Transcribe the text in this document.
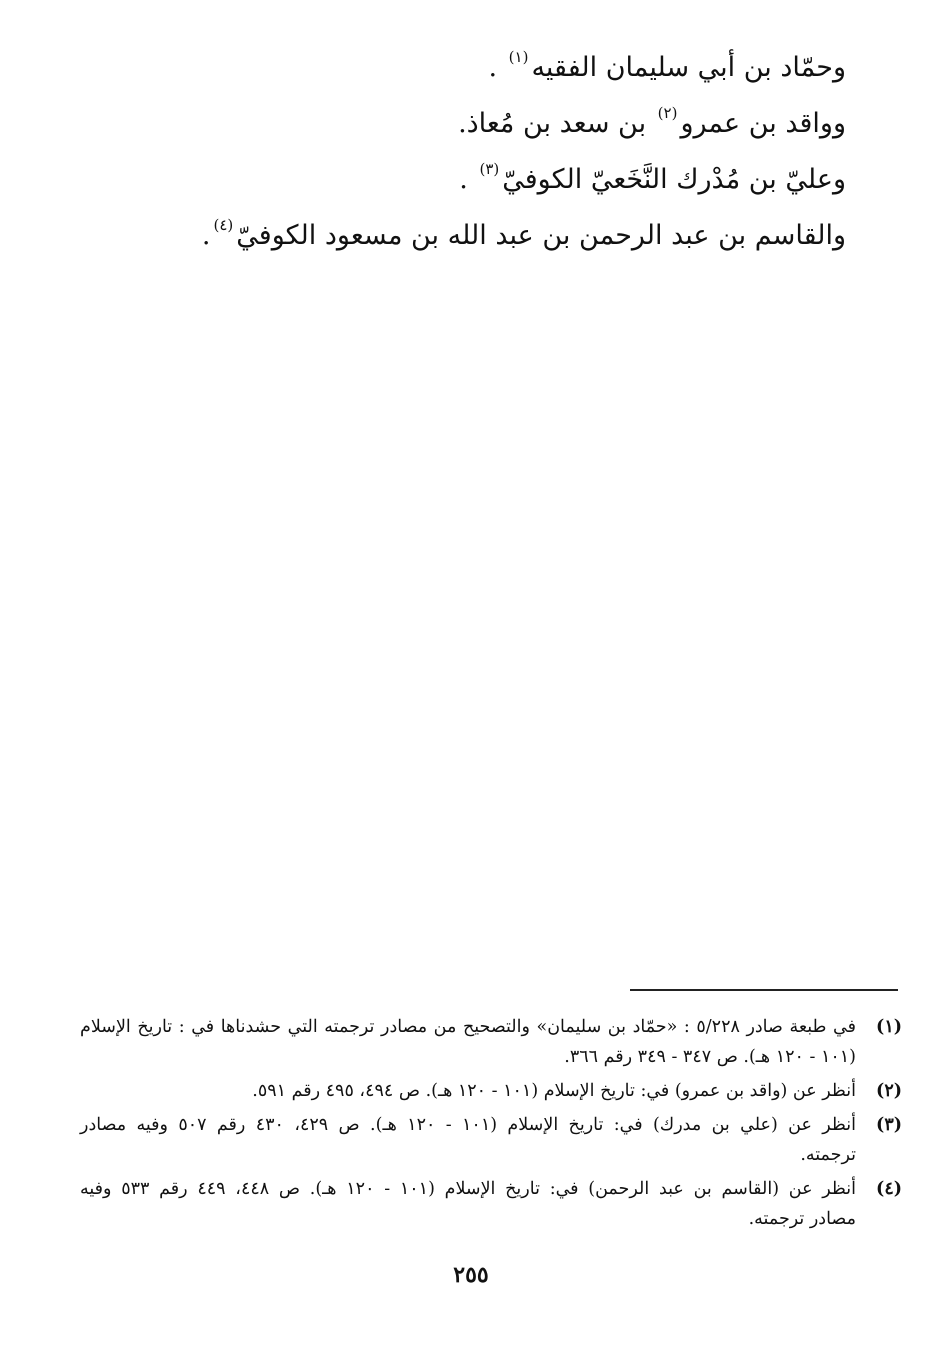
وحمّاد بن أبي سليمان الفقيه$^{(١)}$ .
وواقد بن عمرو$^{(٢)}$ بن سعد بن مُعاذ.
وعليّ بن مُدْرك النَّخَعيّ الكوفيّ$^{(٣)}$ .
والقاسم بن عبد الرحمن بن عبد الله بن مسعود الكوفيّ$^{(٤)}$.
(١)
في طبعة صادر ٥/٢٢٨ : «حمّاد بن سليمان» والتصحيح من مصادر ترجمته التي حشدناها في : تاريخ الإسلام
(١٠١ - ١٢٠ هـ). ص ٣٤٧ - ٣٤٩ رقم ٣٦٦.
(٢)
أنظر عن (واقد بن عمرو) في: تاريخ الإسلام (١٠١ - ١٢٠ هـ). ص ٤٩٤، ٤٩٥ رقم ٥٩١.
(٣)
أنظر عن (علي بن مدرك) في: تاريخ الإسلام (١٠١ - ١٢٠ هـ). ص ٤٢٩، ٤٣٠ رقم ٥٠٧ وفيه مصادر
ترجمته.
(٤)
أنظر عن (القاسم بن عبد الرحمن) في: تاريخ الإسلام (١٠١ - ١٢٠ هـ). ص ٤٤٨، ٤٤٩ رقم ٥٣٣ وفيه
مصادر ترجمته.
٢٥٥
